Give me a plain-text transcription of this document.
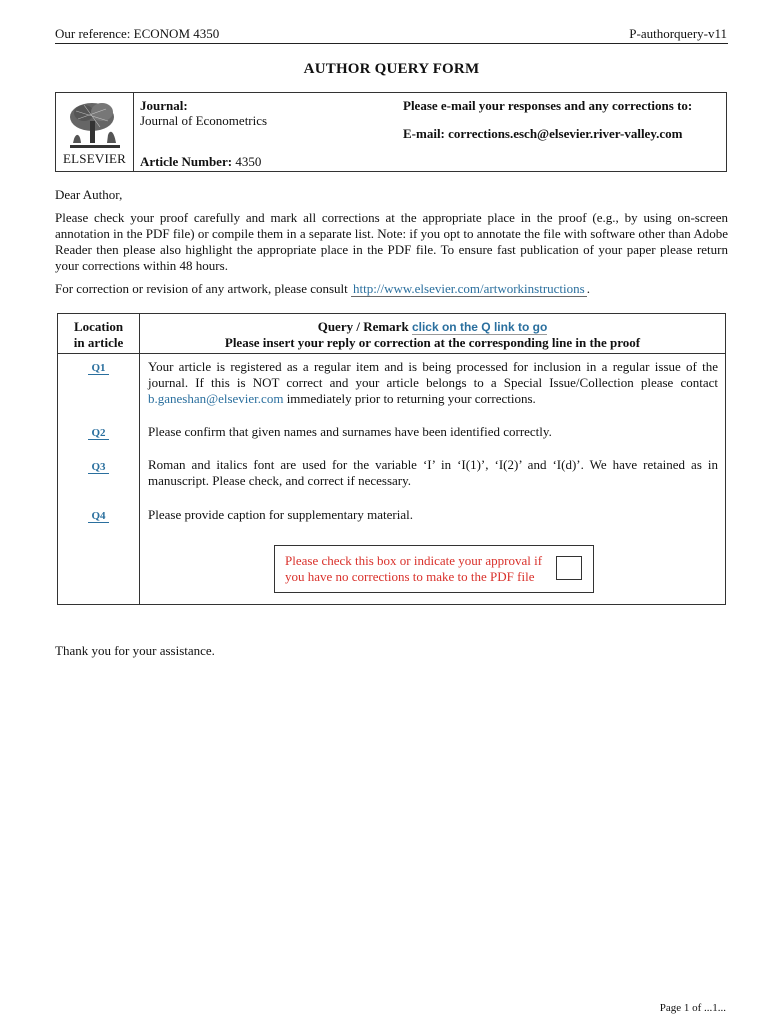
Our reference: ECONOM 4350	P-authorquery-v11
AUTHOR QUERY FORM
ELSEVIER
Journal:
Journal of Econometrics
Article Number: 4350
Please e-mail your responses and any corrections to:
E-mail: corrections.esch@elsevier.river-valley.com
Dear Author,
Please check your proof carefully and mark all corrections at the appropriate place in the proof (e.g., by using on-screen annotation in the PDF file) or compile them in a separate list. Note: if you opt to annotate the file with software other than Adobe Reader then please also highlight the appropriate place in the PDF file. To ensure fast publication of your paper please return your corrections within 48 hours.
For correction or revision of any artwork, please consult http://www.elsevier.com/artworkinstructions .
Location
in article
Query / Remark click on the Q link to go
Please insert your reply or correction at the corresponding line in the proof
Q1	Your article is registered as a regular item and is being processed for inclusion in a regular issue of the journal. If this is NOT correct and your article belongs to a Special Issue/Collection please contact b.ganeshan@elsevier.com immediately prior to returning your corrections.
Q2	Please confirm that given names and surnames have been identified correctly.
Q3	Roman and italics font are used for the variable ‘I’ in ‘I(1)’, ‘I(2)’ and ‘I(d)’. We have retained as in manuscript. Please check, and correct if necessary.
Q4	Please provide caption for supplementary material.
Please check this box or indicate your approval if you have no corrections to make to the PDF file
Thank you for your assistance.
Page 1 of ...1...
